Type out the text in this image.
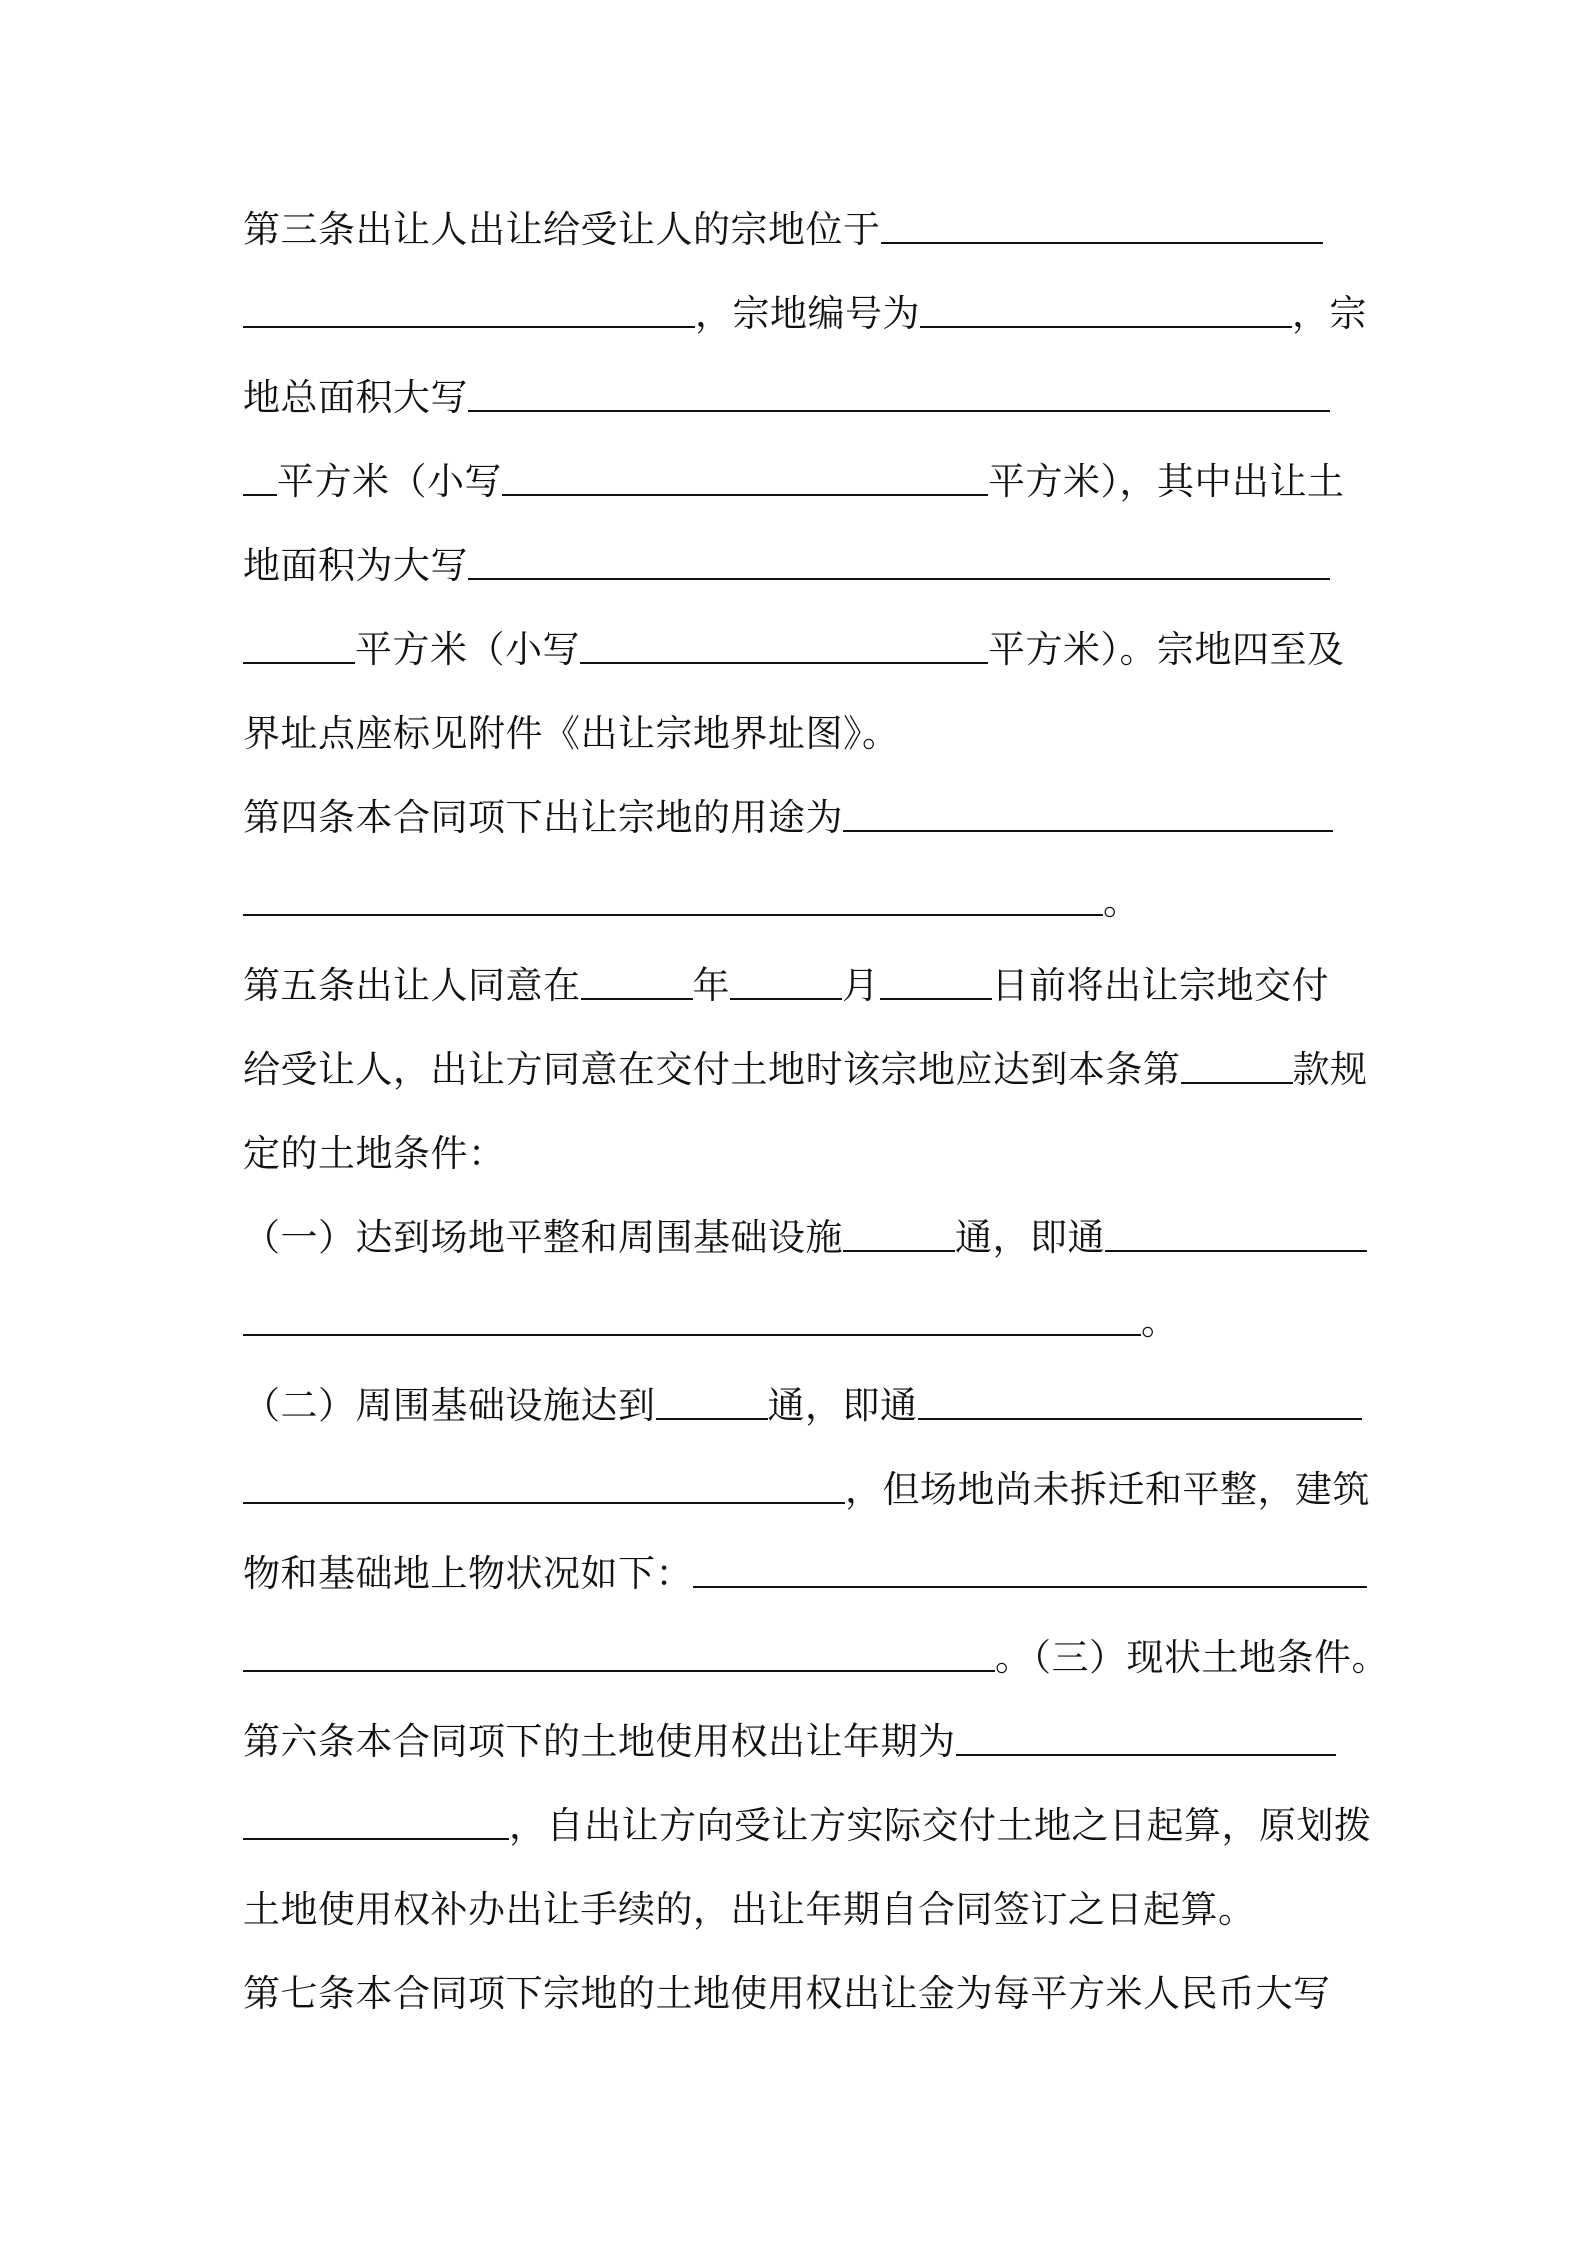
第三条出让人出让给受让人的宗地位于
，宗地编号为	，宗
地总面积大写
平方米（小写	平方米），其中出让土
地面积为大写
平方米（小写	平方米）。宗地四至及
界址点座标见附件《出让宗地界址图》。
第四条本合同项下出让宗地的用途为
。
第五条出让人同意在	年	月	日前将出让宗地交付
给受让人，出让方同意在交付土地时该宗地应达到本条第	款规
定的土地条件：
（一）达到场地平整和周围基础设施	通，即通
。
（二）周围基础设施达到	通，即通
，但场地尚未拆迁和平整，建筑
物和基础地上物状况如下：
。（三）现状土地条件。
第六条本合同项下的土地使用权出让年期为
，自出让方向受让方实际交付土地之日起算，原划拨
土地使用权补办出让手续的，出让年期自合同签订之日起算。
第七条本合同项下宗地的土地使用权出让金为每平方米人民币大写
